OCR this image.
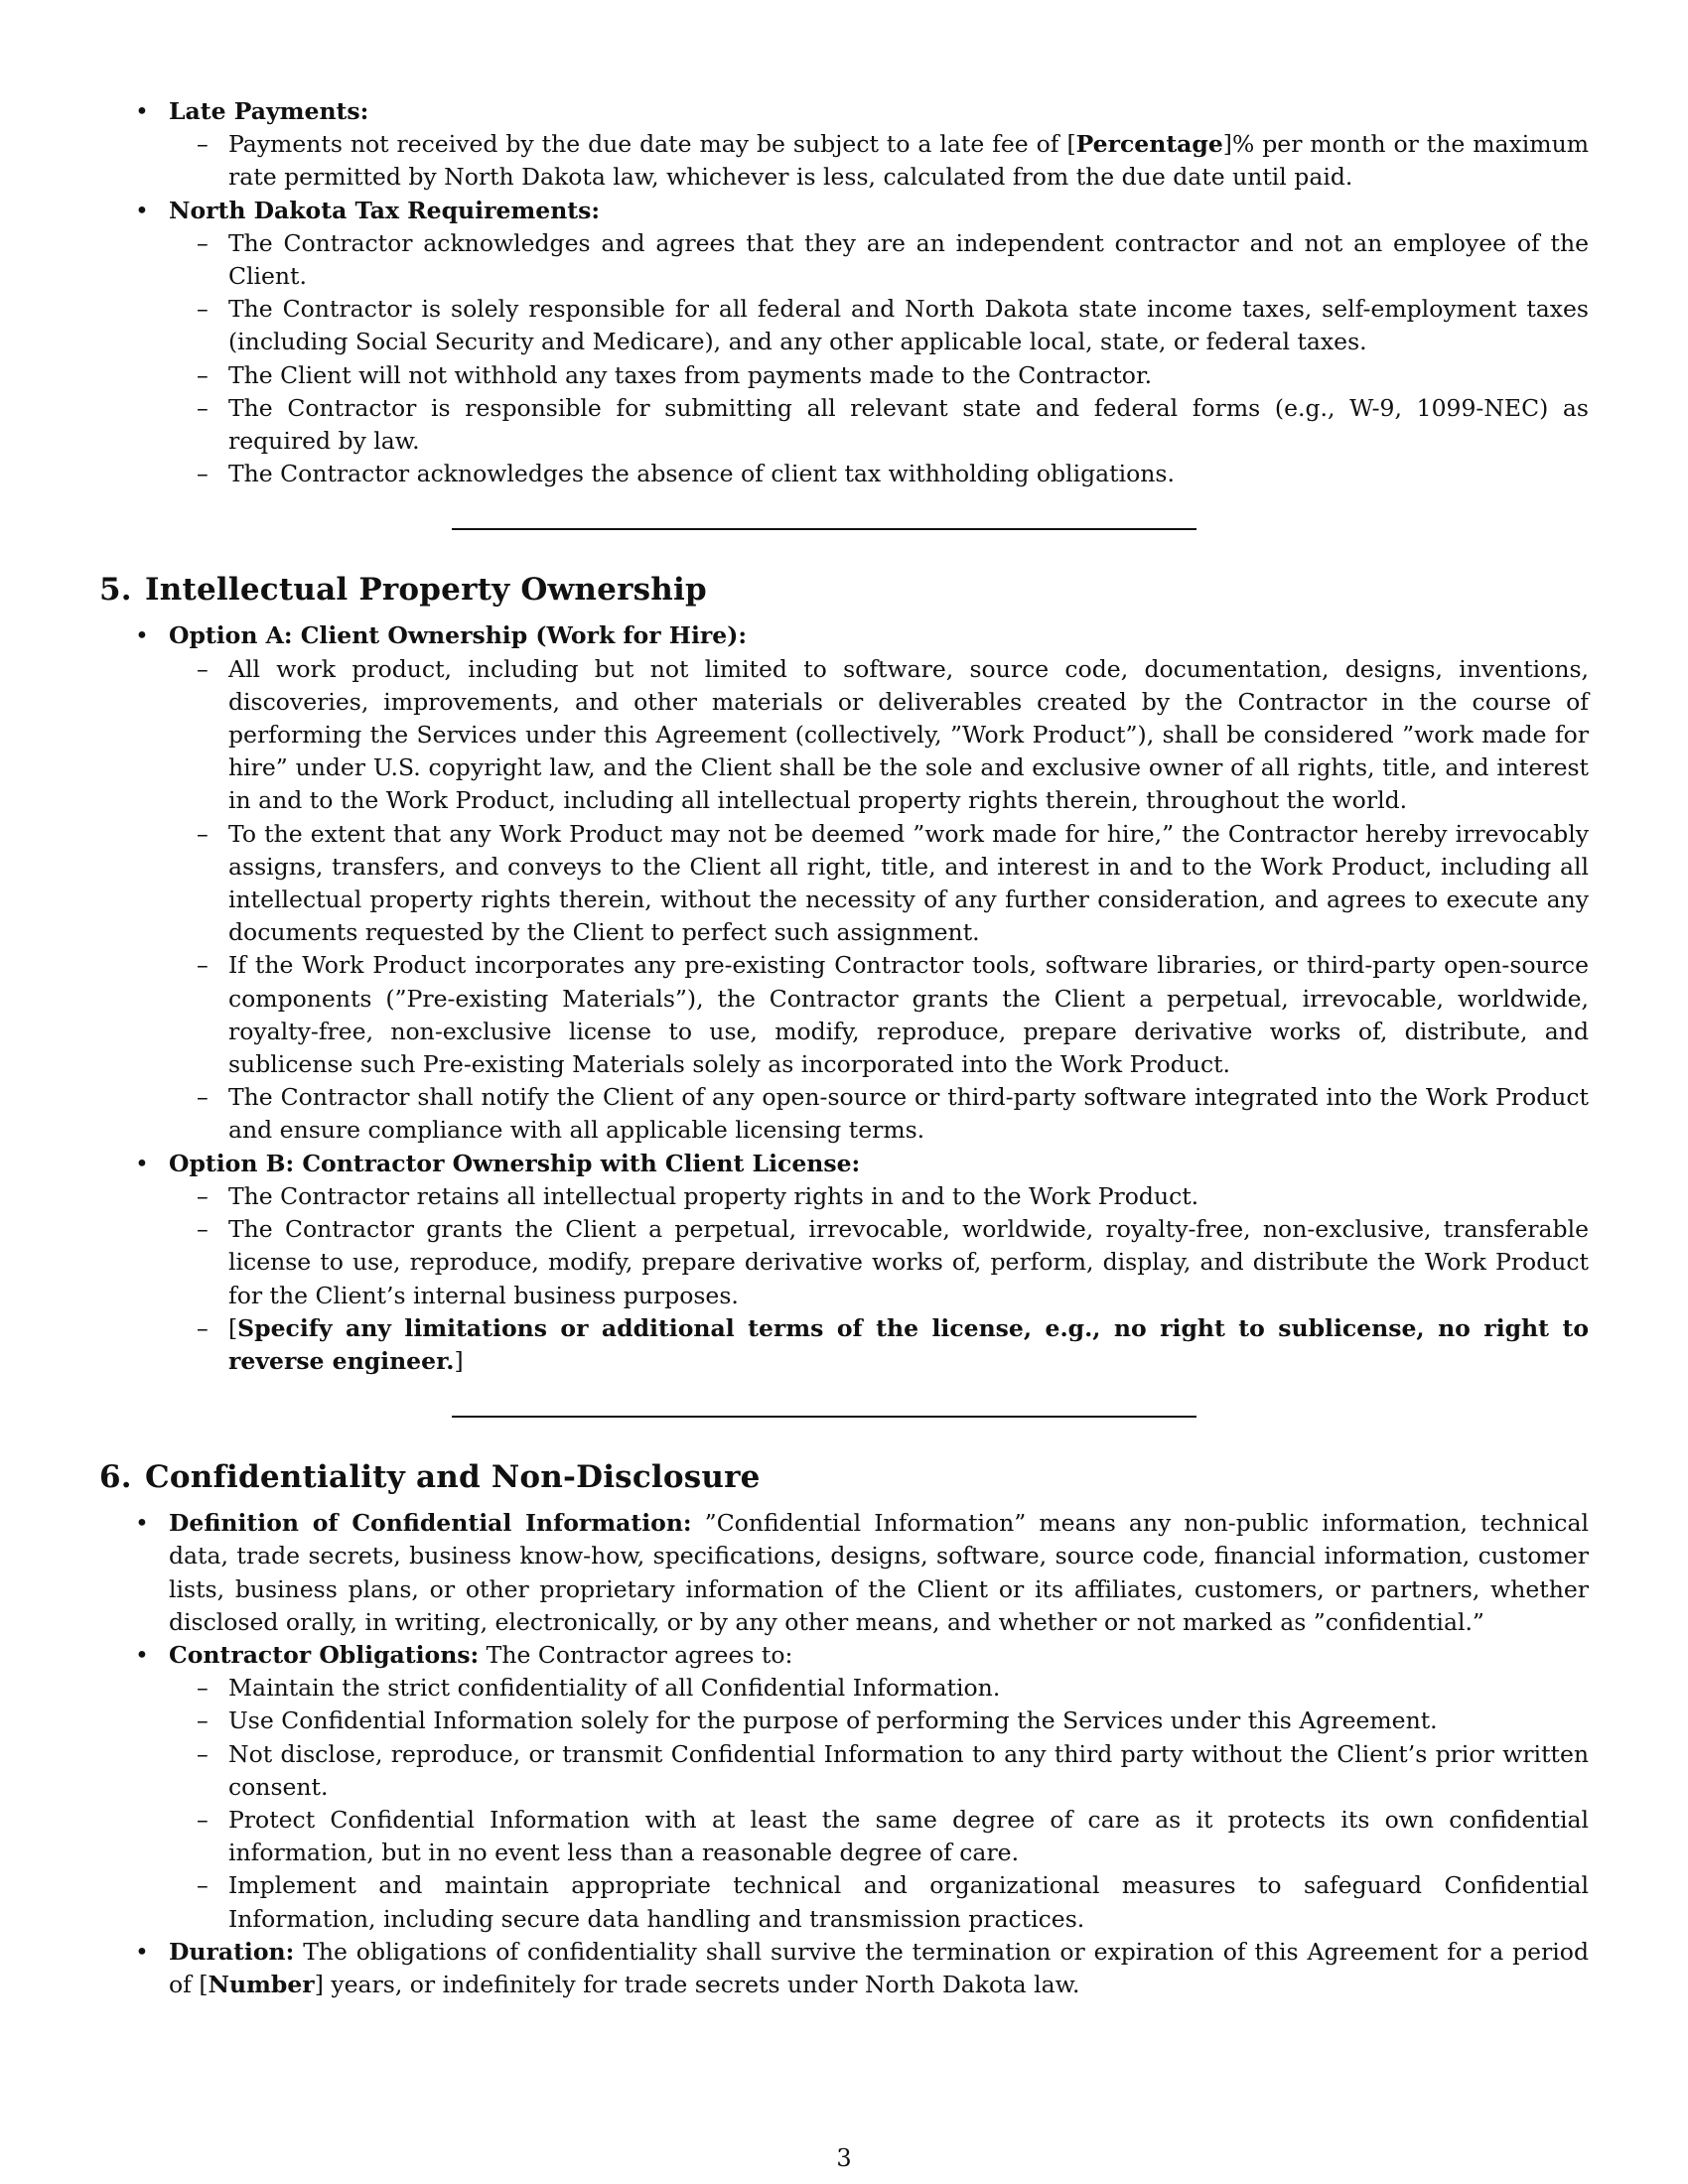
• Late Payments:
– Payments not received by the due date may be subject to a late fee of [Percentage]% per month or the maximum rate permitted by North Dakota law, whichever is less, calculated from the due date until paid.
• North Dakota Tax Requirements:
– The Contractor acknowledges and agrees that they are an independent contractor and not an employee of the Client.
– The Contractor is solely responsible for all federal and North Dakota state income taxes, self-employment taxes (including Social Security and Medicare), and any other applicable local, state, or federal taxes.
– The Client will not withhold any taxes from payments made to the Contractor.
– The Contractor is responsible for submitting all relevant state and federal forms (e.g., W-9, 1099-NEC) as required by law.
– The Contractor acknowledges the absence of client tax withholding obligations.
5. Intellectual Property Ownership
• Option A: Client Ownership (Work for Hire):
– All work product, including but not limited to software, source code, documentation, designs, inventions, discoveries, improvements, and other materials or deliverables created by the Contractor in the course of performing the Services under this Agreement (collectively, ”Work Product”), shall be considered ”work made for hire” under U.S. copyright law, and the Client shall be the sole and exclusive owner of all rights, title, and interest in and to the Work Product, including all intellectual property rights therein, throughout the world.
– To the extent that any Work Product may not be deemed ”work made for hire,” the Contractor hereby irrevocably assigns, transfers, and conveys to the Client all right, title, and interest in and to the Work Product, including all intellectual property rights therein, without the necessity of any further consideration, and agrees to execute any documents requested by the Client to perfect such assignment.
– If the Work Product incorporates any pre-existing Contractor tools, software libraries, or third-party open-source components (”Pre-existing Materials”), the Contractor grants the Client a perpetual, irrevocable, worldwide, royalty-free, non-exclusive license to use, modify, reproduce, prepare derivative works of, distribute, and sublicense such Pre-existing Materials solely as incorporated into the Work Product.
– The Contractor shall notify the Client of any open-source or third-party software integrated into the Work Product and ensure compliance with all applicable licensing terms.
• Option B: Contractor Ownership with Client License:
– The Contractor retains all intellectual property rights in and to the Work Product.
– The Contractor grants the Client a perpetual, irrevocable, worldwide, royalty-free, non-exclusive, transferable license to use, reproduce, modify, prepare derivative works of, perform, display, and distribute the Work Product for the Client’s internal business purposes.
– [Specify any limitations or additional terms of the license, e.g., no right to sublicense, no right to reverse engineer.]
6. Confidentiality and Non-Disclosure
• Definition of Confidential Information: ”Confidential Information” means any non-public information, technical data, trade secrets, business know-how, specifications, designs, software, source code, financial information, customer lists, business plans, or other proprietary information of the Client or its affiliates, customers, or partners, whether disclosed orally, in writing, electronically, or by any other means, and whether or not marked as ”confidential.”
• Contractor Obligations: The Contractor agrees to:
– Maintain the strict confidentiality of all Confidential Information.
– Use Confidential Information solely for the purpose of performing the Services under this Agreement.
– Not disclose, reproduce, or transmit Confidential Information to any third party without the Client’s prior written consent.
– Protect Confidential Information with at least the same degree of care as it protects its own confidential information, but in no event less than a reasonable degree of care.
– Implement and maintain appropriate technical and organizational measures to safeguard Confidential Information, including secure data handling and transmission practices.
• Duration: The obligations of confidentiality shall survive the termination or expiration of this Agreement for a period of [Number] years, or indefinitely for trade secrets under North Dakota law.
3
